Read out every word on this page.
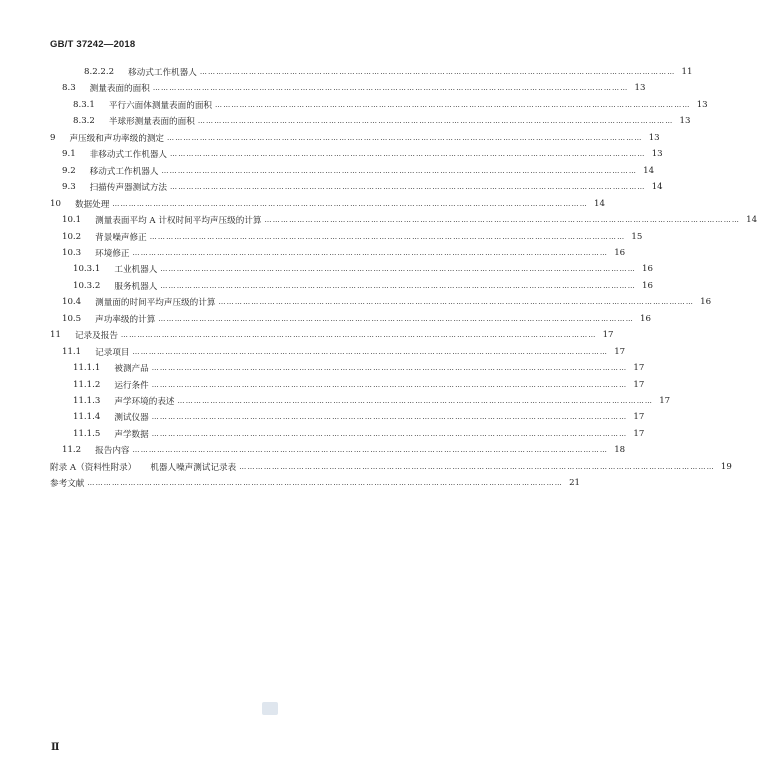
GB/T 37242—2018
8.2.2.2 移动式工作机器人 ………………………………………………………………………………………………………………………………………………………… 11
8.3 测量表面的面积 ………………………………………………………………………………………………………………………………………………………… 13
8.3.1 平行六面体测量表面的面积 ………………………………………………………………………………………………………………………………………………………… 13
8.3.2 半球形测量表面的面积 ………………………………………………………………………………………………………………………………………………………… 13
9 声压级和声功率级的测定 ………………………………………………………………………………………………………………………………………………………… 13
9.1 非移动式工作机器人 ………………………………………………………………………………………………………………………………………………………… 13
9.2 移动式工作机器人 ………………………………………………………………………………………………………………………………………………………… 14
9.3 扫描传声器测试方法 ………………………………………………………………………………………………………………………………………………………… 14
10 数据处理 ………………………………………………………………………………………………………………………………………………………… 14
10.1 测量表面平均 A 计权时间平均声压级的计算 ………………………………………………………………………………………………………………………………………………………… 14
10.2 背景噪声修正 ………………………………………………………………………………………………………………………………………………………… 15
10.3 环境修正 ………………………………………………………………………………………………………………………………………………………… 16
10.3.1 工业机器人 ………………………………………………………………………………………………………………………………………………………… 16
10.3.2 服务机器人 ………………………………………………………………………………………………………………………………………………………… 16
10.4 测量面的时间平均声压级的计算 ………………………………………………………………………………………………………………………………………………………… 16
10.5 声功率级的计算 ………………………………………………………………………………………………………………………………………………………… 16
11 记录及报告 ………………………………………………………………………………………………………………………………………………………… 17
11.1 记录项目 ………………………………………………………………………………………………………………………………………………………… 17
11.1.1 被测产品 ………………………………………………………………………………………………………………………………………………………… 17
11.1.2 运行条件 ………………………………………………………………………………………………………………………………………………………… 17
11.1.3 声学环境的表述 ………………………………………………………………………………………………………………………………………………………… 17
11.1.4 测试仪器 ………………………………………………………………………………………………………………………………………………………… 17
11.1.5 声学数据 ………………………………………………………………………………………………………………………………………………………… 17
11.2 报告内容 ………………………………………………………………………………………………………………………………………………………… 18
附录 A（资料性附录） 机器人噪声测试记录表 ………………………………………………………………………………………………………………………………………………………… 19
参考文献 ………………………………………………………………………………………………………………………………………………………… 21
Ⅱ
